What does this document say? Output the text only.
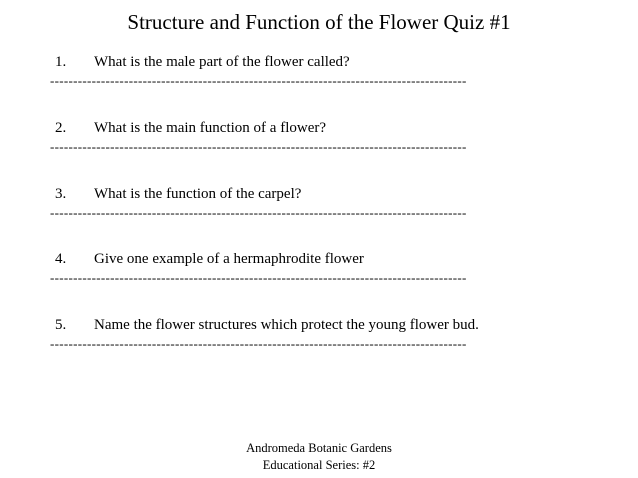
Structure and Function of the Flower Quiz #1
1. What is the male part of the flower called?
------------------------------------------------------------------------------------------
2. What is the main function of a flower?
------------------------------------------------------------------------------------------
3. What is the function of the carpel?
------------------------------------------------------------------------------------------
4. Give one example of a hermaphrodite flower
------------------------------------------------------------------------------------------
5. Name the flower structures which protect the young flower bud.
------------------------------------------------------------------------------------------
Andromeda Botanic Gardens
Educational Series: #2
